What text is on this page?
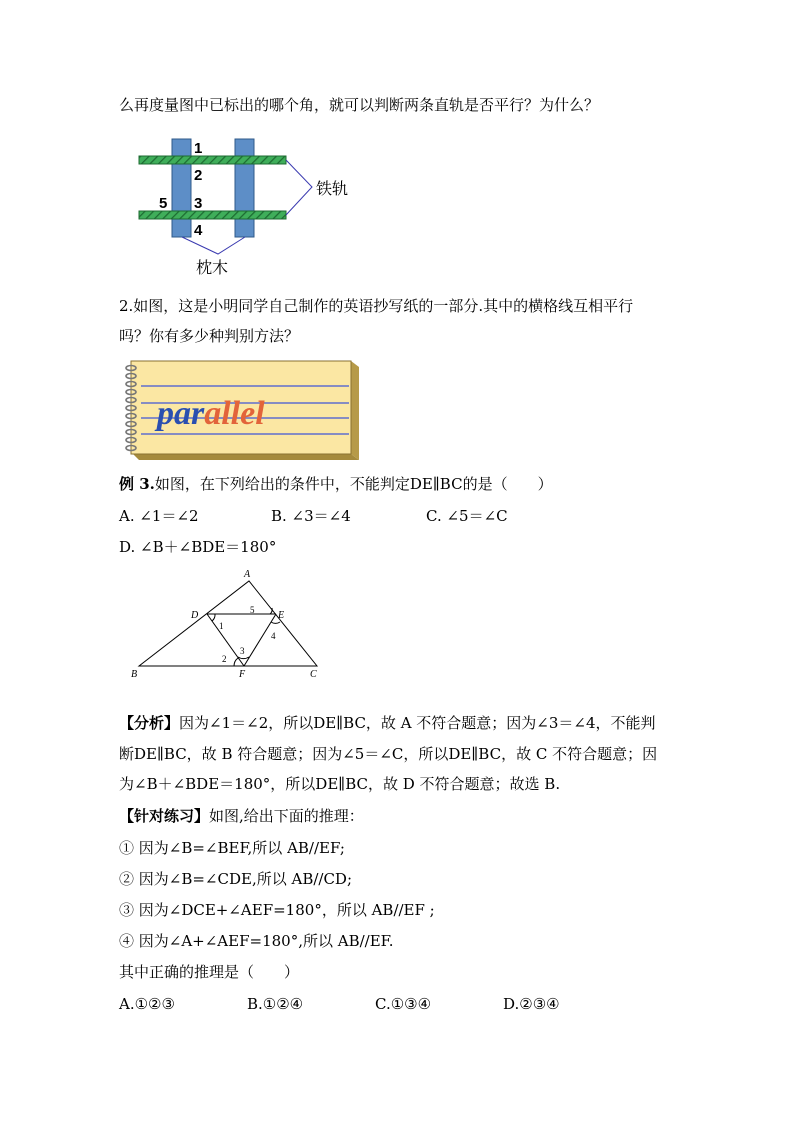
么再度量图中已标出的哪个角，就可以判断两条直轨是否平行？为什么？
1
2
5 3
4
铁轨
枕木
2.如图，这是小明同学自己制作的英语抄写纸的一部分.其中的横格线互相平行
吗？你有多少种判别方法？
parallel
例 3.如图，在下列给出的条件中，不能判定DE∥BC的是（　　）
A. ∠1＝∠2	B. ∠3＝∠4	C. ∠5＝∠C
D. ∠B＋∠BDE＝180°
A
D	E
B	F	C
5
1
4
2
3
【分析】因为∠1＝∠2，所以DE∥BC，故 A 不符合题意；因为∠3＝∠4，不能判
断DE∥BC，故 B 符合题意；因为∠5＝∠C，所以DE∥BC，故 C 不符合题意；因
为∠B＋∠BDE＝180°，所以DE∥BC，故 D 不符合题意；故选 B.
【针对练习】如图,给出下面的推理：
① 因为∠B=∠BEF,所以 AB//EF;
② 因为∠B=∠CDE,所以 AB//CD;
③ 因为∠DCE+∠AEF=180°，所以 AB//EF ;
④ 因为∠A+∠AEF=180°,所以 AB//EF.
其中正确的推理是（　　）
A.①②③	B.①②④	C.①③④	D.②③④
